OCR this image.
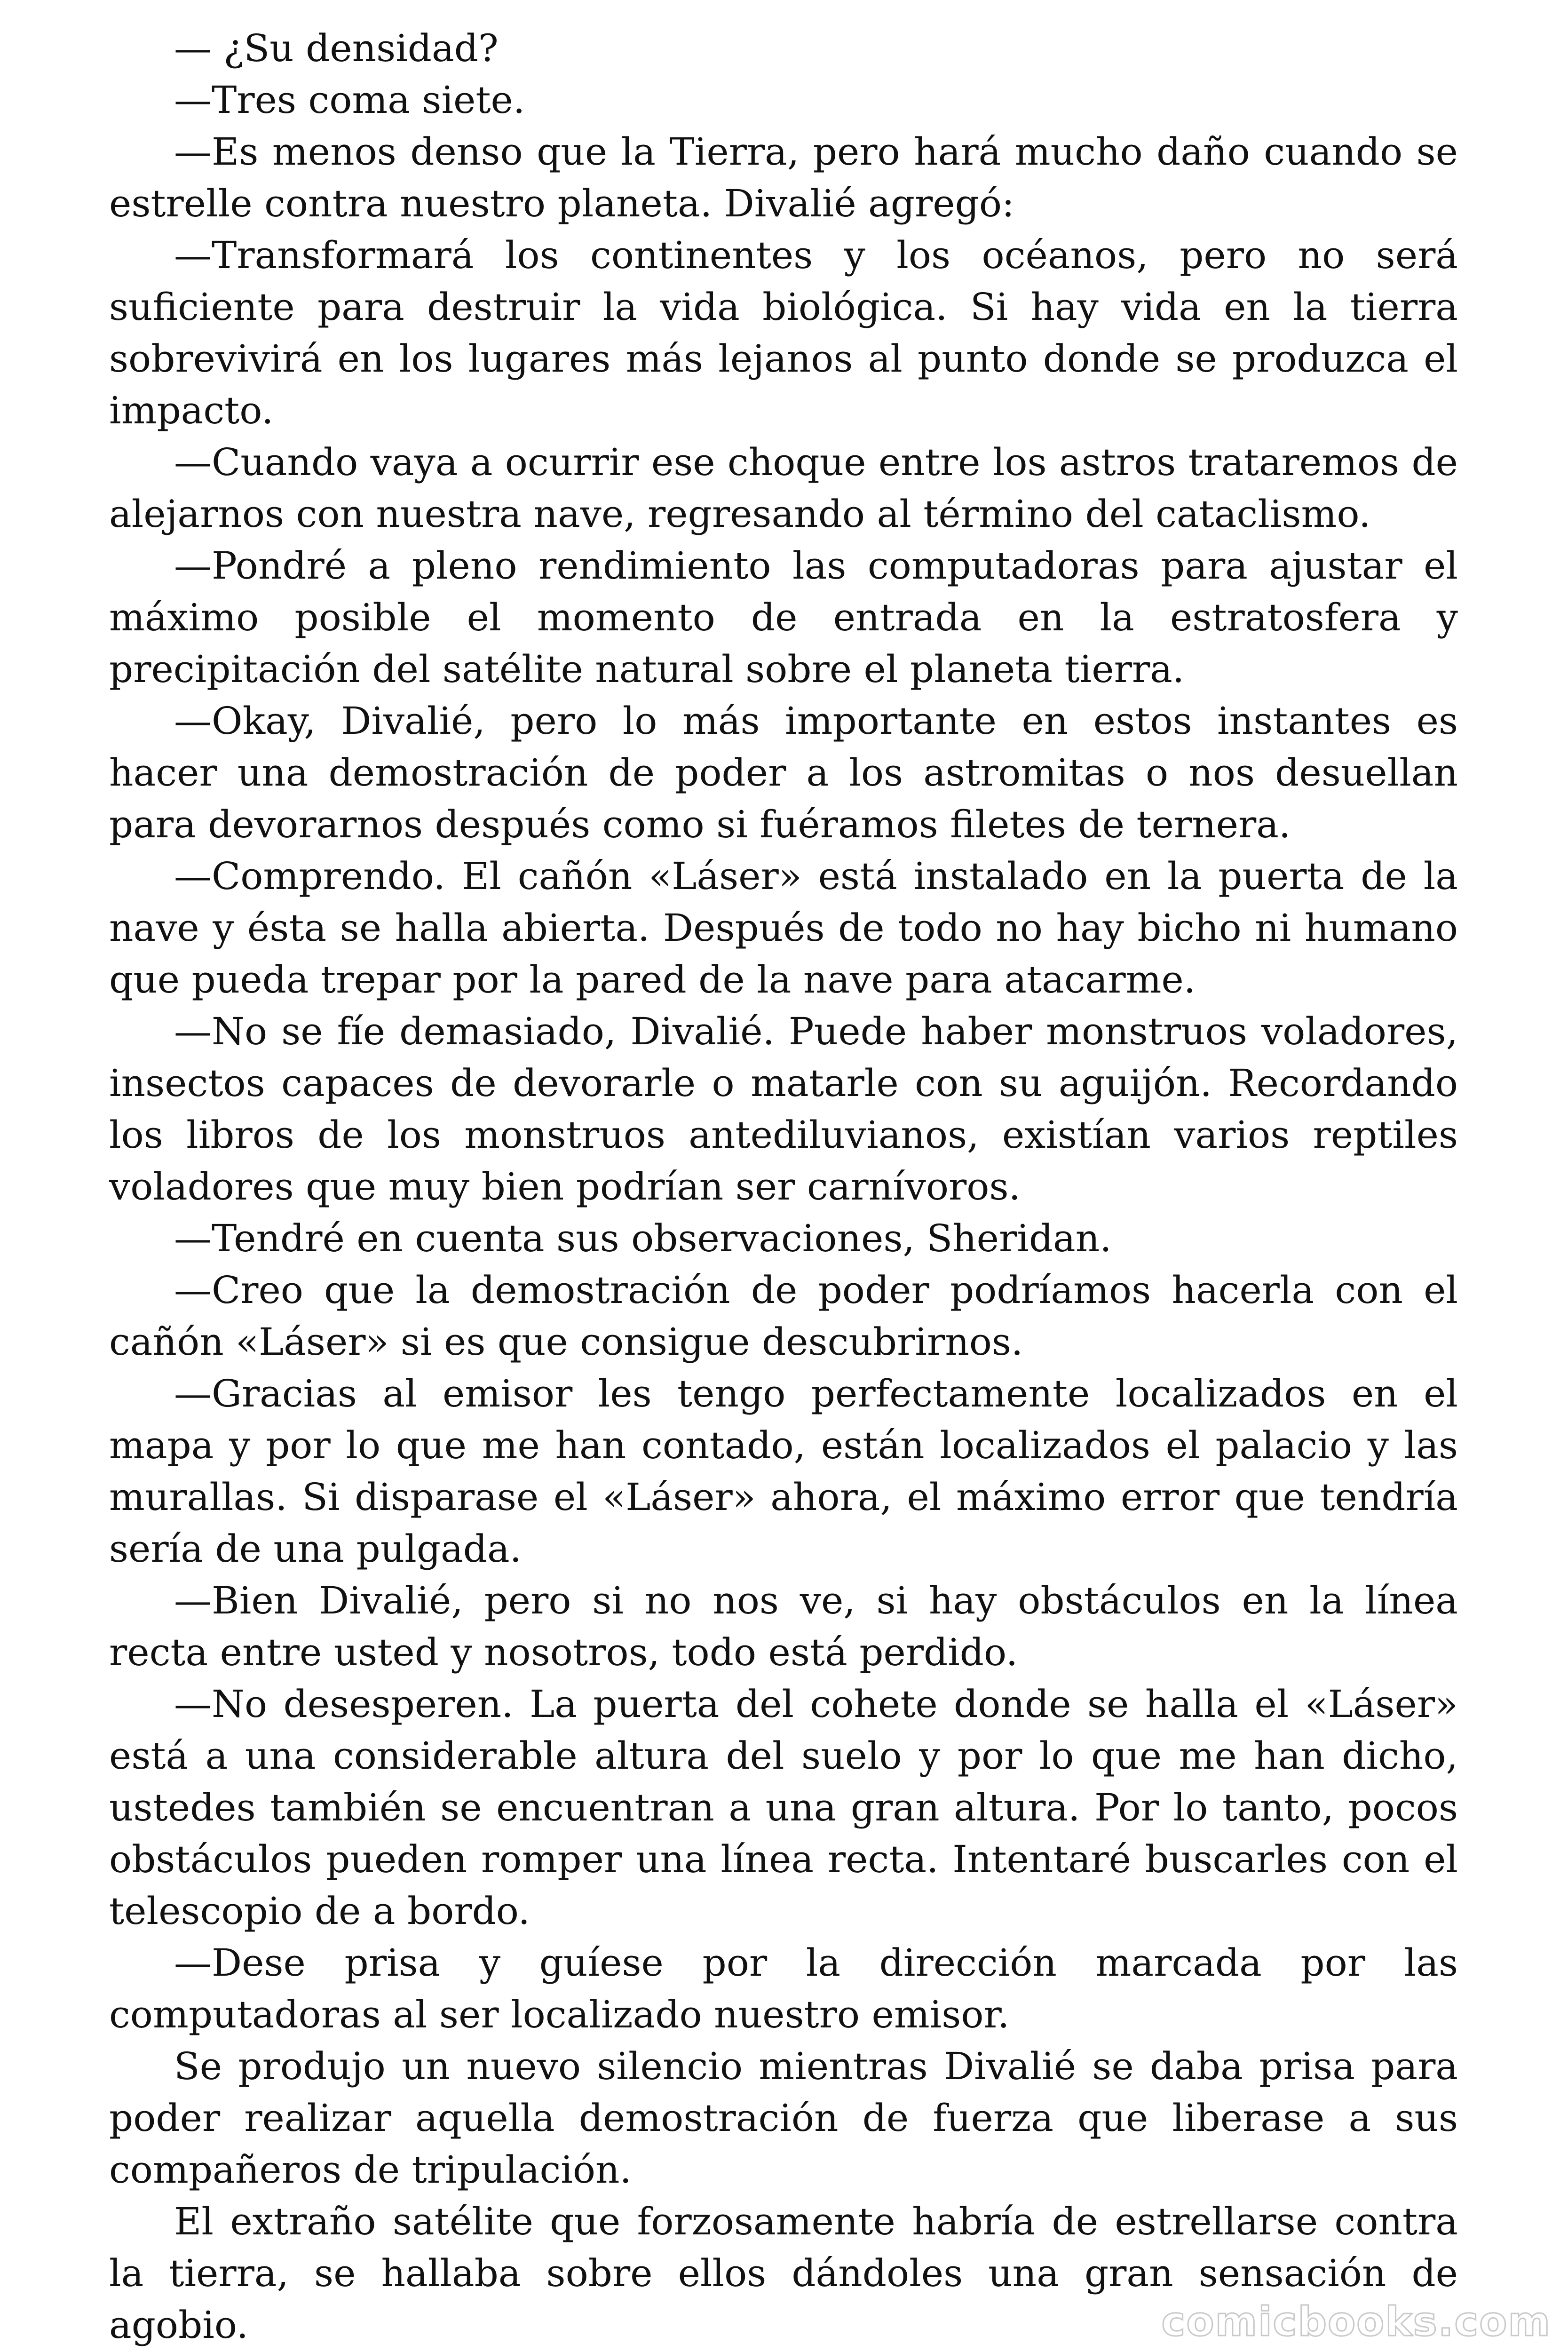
— ¿Su densidad?

—Tres coma siete.

—Es menos denso que la Tierra, pero hará mucho daño cuando se estrelle contra nuestro planeta. Divalié agregó:

—Transformará los continentes y los océanos, pero no será suficiente para destruir la vida biológica. Si hay vida en la tierra sobrevivirá en los lugares más lejanos al punto donde se produzca el impacto.

—Cuando vaya a ocurrir ese choque entre los astros trataremos de alejarnos con nuestra nave, regresando al término del cataclismo.

—Pondré a pleno rendimiento las computadoras para ajustar el máximo posible el momento de entrada en la estratosfera y precipitación del satélite natural sobre el planeta tierra.

—Okay, Divalié, pero lo más importante en estos instantes es hacer una demostración de poder a los astromitas o nos desuellan para devorarnos después como si fuéramos filetes de ternera.

—Comprendo. El cañón «Láser» está instalado en la puerta de la nave y ésta se halla abierta. Después de todo no hay bicho ni humano que pueda trepar por la pared de la nave para atacarme.

—No se fíe demasiado, Divalié. Puede haber monstruos voladores, insectos capaces de devorarle o matarle con su aguijón. Recordando los libros de los monstruos antediluvianos, existían varios reptiles voladores que muy bien podrían ser carnívoros.

—Tendré en cuenta sus observaciones, Sheridan.

—Creo que la demostración de poder podríamos hacerla con el cañón «Láser» si es que consigue descubrirnos.

—Gracias al emisor les tengo perfectamente localizados en el mapa y por lo que me han contado, están localizados el palacio y las murallas. Si disparase el «Láser» ahora, el máximo error que tendría sería de una pulgada.

—Bien Divalié, pero si no nos ve, si hay obstáculos en la línea recta entre usted y nosotros, todo está perdido.

—No desesperen. La puerta del cohete donde se halla el «Láser» está a una considerable altura del suelo y por lo que me han dicho, ustedes también se encuentran a una gran altura. Por lo tanto, pocos obstáculos pueden romper una línea recta. Intentaré buscarles con el telescopio de a bordo.

—Dese prisa y guíese por la dirección marcada por las computadoras al ser localizado nuestro emisor.

Se produjo un nuevo silencio mientras Divalié se daba prisa para poder realizar aquella demostración de fuerza que liberase a sus compañeros de tripulación.

El extraño satélite que forzosamente habría de estrellarse contra la tierra, se hallaba sobre ellos dándoles una gran sensación de agobio.	comicbooks.com
